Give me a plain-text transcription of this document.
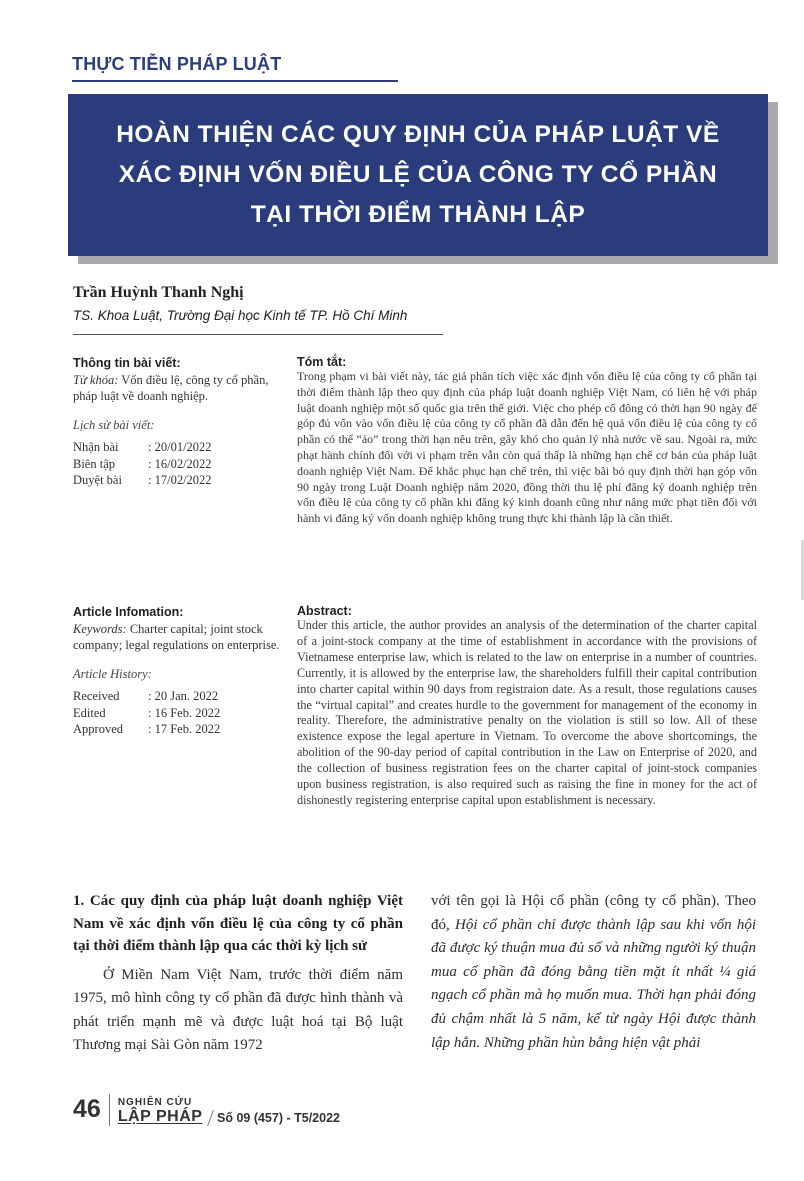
THỰC TIỄN PHÁP LUẬT
HOÀN THIỆN CÁC QUY ĐỊNH CỦA PHÁP LUẬT VỀ
XÁC ĐỊNH VỐN ĐIỀU LỆ CỦA CÔNG TY CỔ PHẦN
TẠI THỜI ĐIỂM THÀNH LẬP
Trần Huỳnh Thanh Nghị
TS. Khoa Luật, Trường Đại học Kinh tế TP. Hồ Chí Minh
Thông tin bài viết:
Từ khóa: Vốn điều lệ, công ty cổ phần, pháp luật về doanh nghiệp.
Lịch sử bài viết:
Nhận bài	: 20/01/2022
Biên tập	: 16/02/2022
Duyệt bài	: 17/02/2022
Article Infomation:
Keywords: Charter capital; joint stock company; legal regulations on enterprise.
Article History:
Received	: 20 Jan. 2022
Edited	: 16 Feb. 2022
Approved	: 17 Feb. 2022
Tóm tắt:
Trong phạm vi bài viết này, tác giả phân tích việc xác định vốn điều lệ của công ty cổ phần tại thời điểm thành lập theo quy định của pháp luật doanh nghiệp Việt Nam, có liên hệ với pháp luật doanh nghiệp một số quốc gia trên thế giới. Việc cho phép cổ đông có thời hạn 90 ngày để góp đủ vốn vào vốn điều lệ của công ty cổ phần đã dẫn đến hệ quả vốn điều lệ của công ty cổ phần có thể “ảo” trong thời hạn nêu trên, gây khó cho quản lý nhà nước về sau. Ngoài ra, mức phạt hành chính đối với vi phạm trên vẫn còn quá thấp là những hạn chế cơ bản của pháp luật doanh nghiệp Việt Nam. Để khắc phục hạn chế trên, thì việc bãi bỏ quy định thời hạn góp vốn 90 ngày trong Luật Doanh nghiệp năm 2020, đồng thời thu lệ phí đăng ký doanh nghiệp trên vốn điều lệ của công ty cổ phần khi đăng ký kinh doanh cũng như nâng mức phạt tiền đối với hành vi đăng ký vốn doanh nghiệp không trung thực khi thành lập là cần thiết.
Abstract:
Under this article, the author provides an analysis of the determination of the charter capital of a joint-stock company at the time of establishment in accordance with the provisions of Vietnamese enterprise law, which is related to the law on enterprise in a number of countries. Currently, it is allowed by the enterprise law, the shareholders fulfill their capital contribution into charter capital within 90 days from registraion date. As a result, those regulations causes the “virtual capital” and creates hurdle to the government for management of the economy in reality. Therefore, the administrative penalty on the violation is still so low. All of these existence expose the legal aperture in Vietnam. To overcome the above shortcomings, the abolition of the 90-day period of capital contribution in the Law on Enterprise of 2020, and the collection of business registration fees on the charter capital of joint-stock companies upon business registration, is also required such as raising the fine in money for the act of dishonestly registering enterprise capital upon establishment is necessary.
1. Các quy định của pháp luật doanh nghiệp Việt Nam về xác định vốn điều lệ của công ty cổ phần tại thời điểm thành lập qua các thời kỳ lịch sử
Ở Miền Nam Việt Nam, trước thời điểm năm 1975, mô hình công ty cổ phần đã được hình thành và phát triển mạnh mẽ và được luật hoá tại Bộ luật Thương mại Sài Gòn năm 1972
với tên gọi là Hội cổ phần (công ty cổ phần). Theo đó, Hội cổ phần chỉ được thành lập sau khi vốn hội đã được ký thuận mua đủ số và những người ký thuận mua cổ phần đã đóng bằng tiền mặt ít nhất ¼ giá ngạch cổ phần mà họ muốn mua. Thời hạn phải đóng đủ chậm nhất là 5 năm, kể từ ngày Hội được thành lập hẳn. Những phần hùn bằng hiện vật phải
46	NGHIÊN CỨU
LẬP PHÁP	Số 09 (457) - T5/2022
